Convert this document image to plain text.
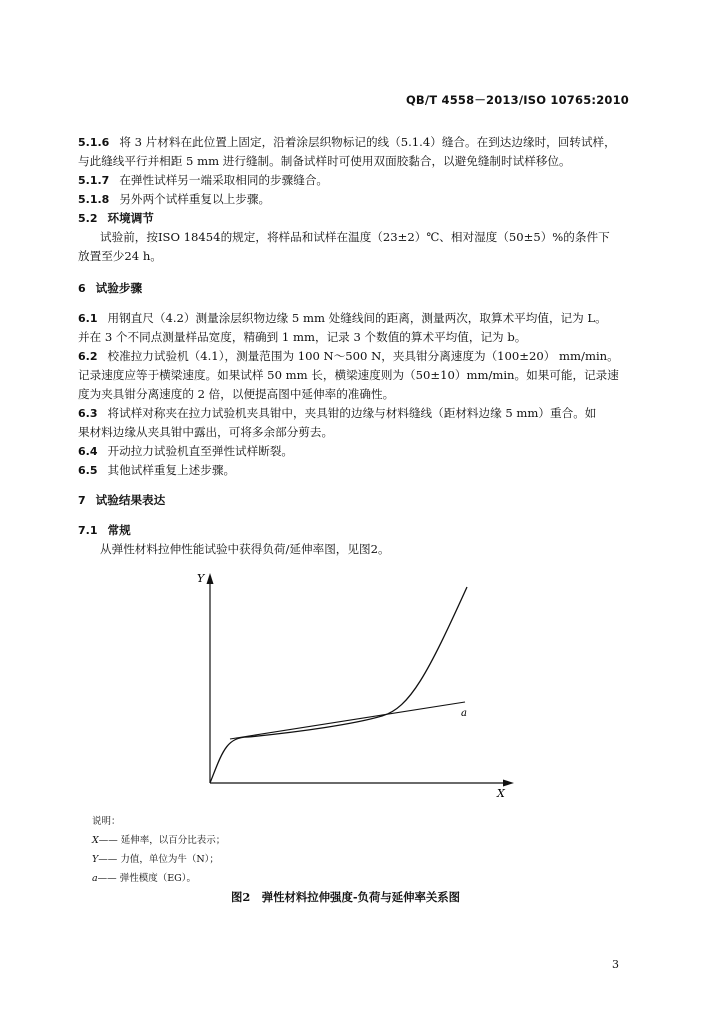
QB/T 4558－2013/ISO 10765:2010
5.1.6 将 3 片材料在此位置上固定，沿着涂层织物标记的线（5.1.4）缝合。在到达边缘时，回转试样，
与此缝线平行并相距 5 mm 进行缝制。制备试样时可使用双面胶黏合，以避免缝制时试样移位。
5.1.7 在弹性试样另一端采取相同的步骤缝合。
5.1.8 另外两个试样重复以上步骤。
5.2 环境调节
试验前，按ISO 18454的规定，将样品和试样在温度（23±2）℃、相对湿度（50±5）%的条件下
放置至少24 h。
6 试验步骤
6.1 用钢直尺（4.2）测量涂层织物边缘 5 mm 处缝线间的距离，测量两次，取算术平均值，记为 L。
并在 3 个不同点测量样品宽度，精确到 1 mm，记录 3 个数值的算术平均值，记为 b。
6.2 校准拉力试验机（4.1），测量范围为 100 N～500 N，夹具钳分离速度为（100±20） mm/min。
记录速度应等于横梁速度。如果试样 50 mm 长，横梁速度则为（50±10）mm/min。如果可能，记录速
度为夹具钳分离速度的 2 倍，以便提高图中延伸率的准确性。
6.3 将试样对称夹在拉力试验机夹具钳中，夹具钳的边缘与材料缝线（距材料边缘 5 mm）重合。如
果材料边缘从夹具钳中露出，可将多余部分剪去。
6.4 开动拉力试验机直至弹性试样断裂。
6.5 其他试样重复上述步骤。
7 试验结果表达
7.1 常规
从弹性材料拉伸性能试验中获得负荷/延伸率图，见图2。
Y
X
a
说明：
X—— 延伸率，以百分比表示；
Y—— 力值，单位为牛（N）；
a—— 弹性模度（EG）。
图2　弹性材料拉伸强度-负荷与延伸率关系图
3
